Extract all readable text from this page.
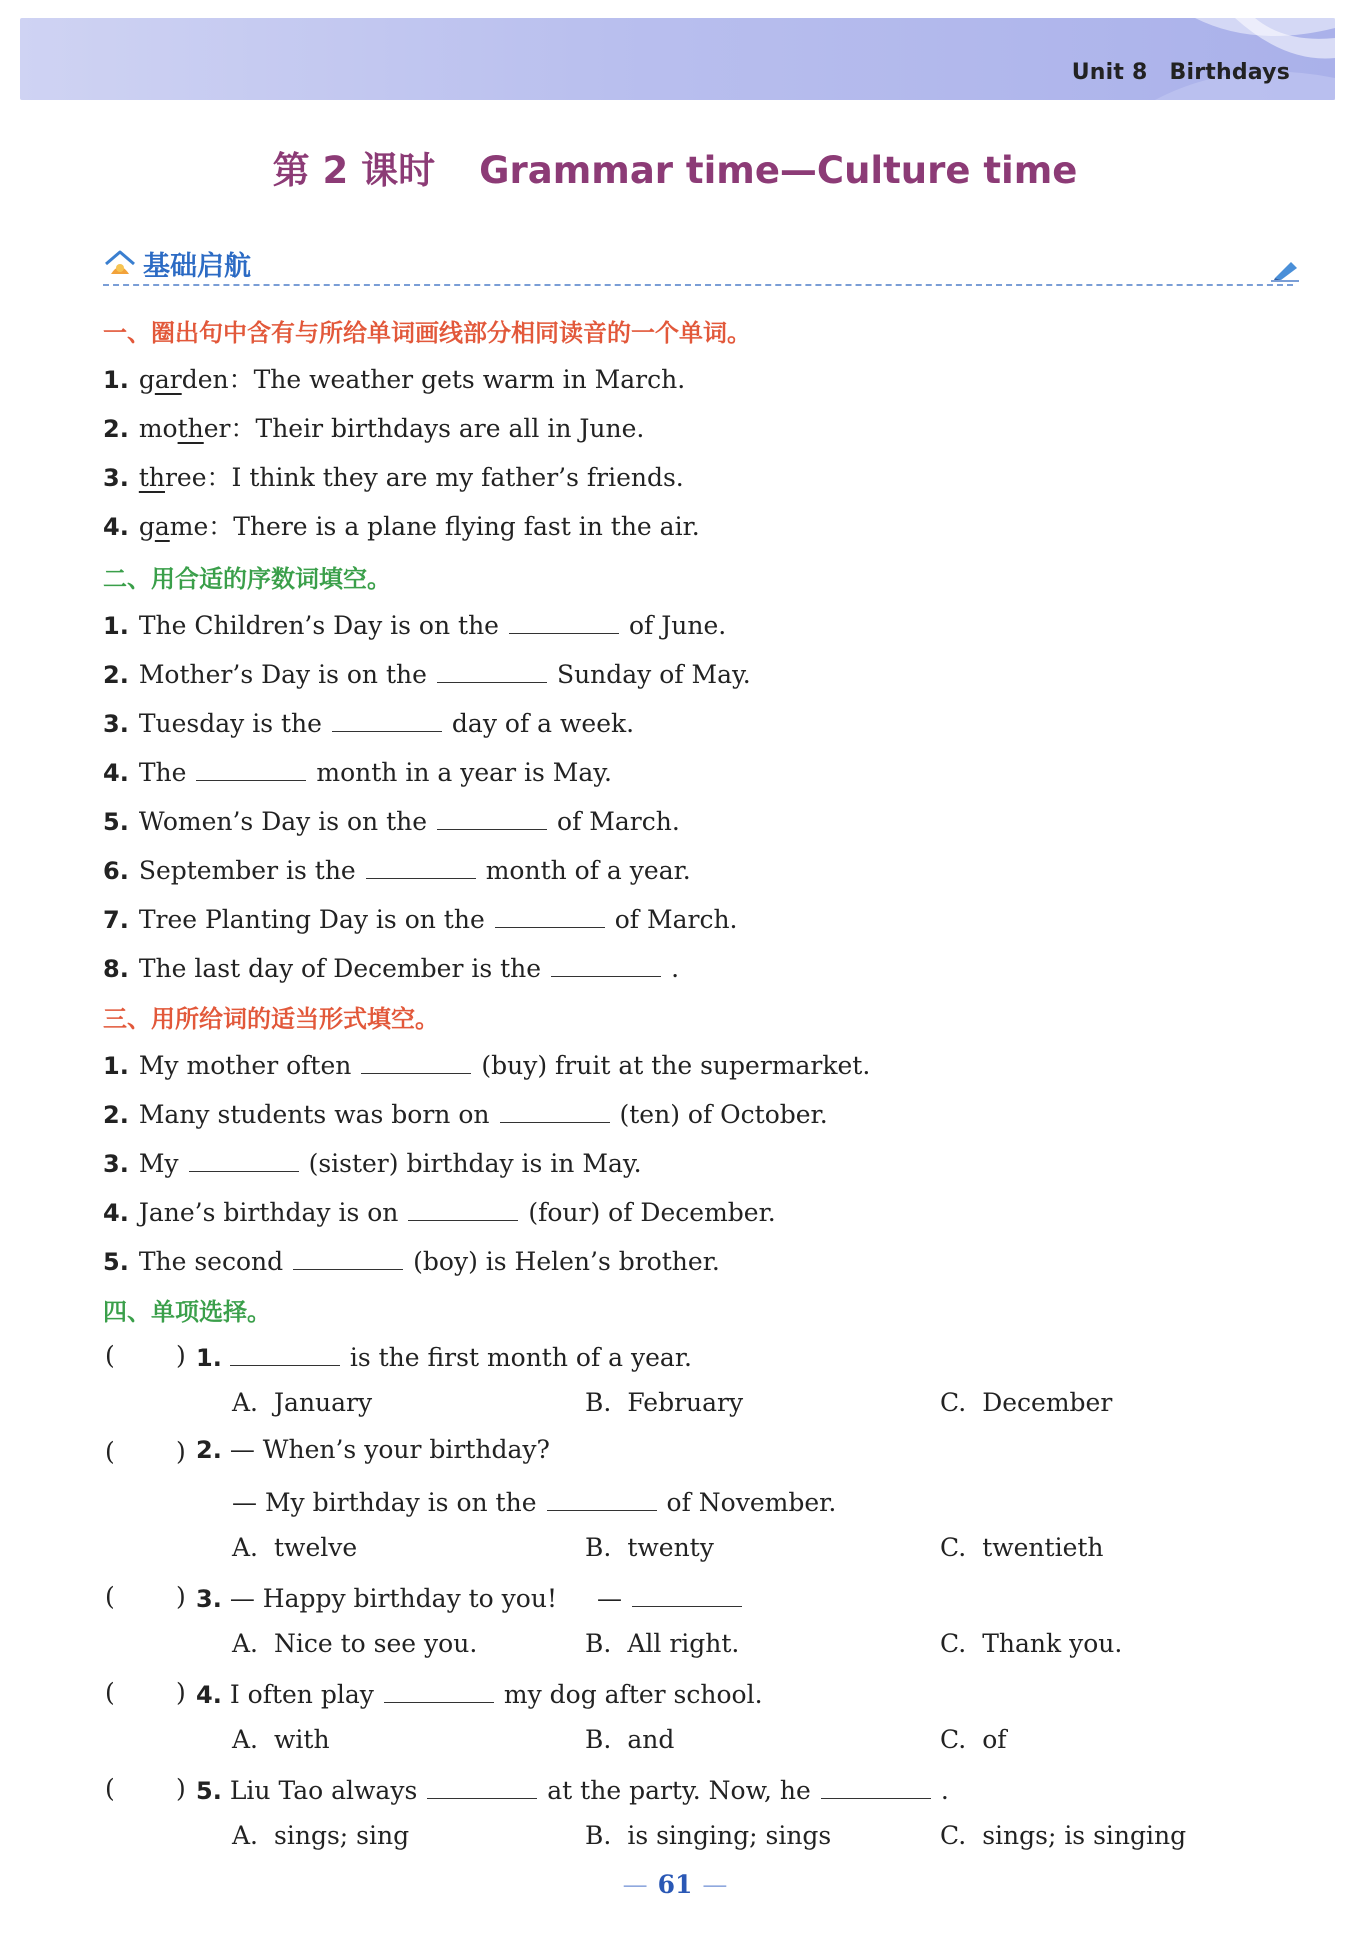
Unit 8 Birthdays
第 2 课时 Grammar time—Culture time
基础启航
一、圈出句中含有与所给单词画线部分相同读音的一个单词。
1. garden：The weather gets warm in March.
2. mother：Their birthdays are all in June.
3. three：I think they are my father’s friends.
4. game：There is a plane flying fast in the air.
二、用合适的序数词填空。
1. The Children’s Day is on the	of June.
2. Mother’s Day is on the	Sunday of May.
3. Tuesday is the	day of a week.
4. The	month in a year is May.
5. Women’s Day is on the	of March.
6. September is the	month of a year.
7. Tree Planting Day is on the	of March.
8. The last day of December is the	.
三、用所给词的适当形式填空。
1. My mother often	(buy) fruit at the supermarket.
2. Many students was born on	(ten) of October.
3. My	(sister) birthday is in May.
4. Jane’s birthday is on	(four) of December.
5. The second	(boy) is Helen’s brother.
四、单项选择。
( ) 1.	is the first month of a year.
A. January	B. February	C. December
( ) 2. — When’s your birthday?
— My birthday is on the	of November.
A. twelve	B. twenty	C. twentieth
( ) 3. — Happy birthday to you! —
A. Nice to see you.	B. All right.	C. Thank you.
( ) 4. I often play	my dog after school.
A. with	B. and	C. of
( ) 5. Liu Tao always	at the party. Now, he	.
A. sings; sing	B. is singing; sings	C. sings; is singing
— 61 —
